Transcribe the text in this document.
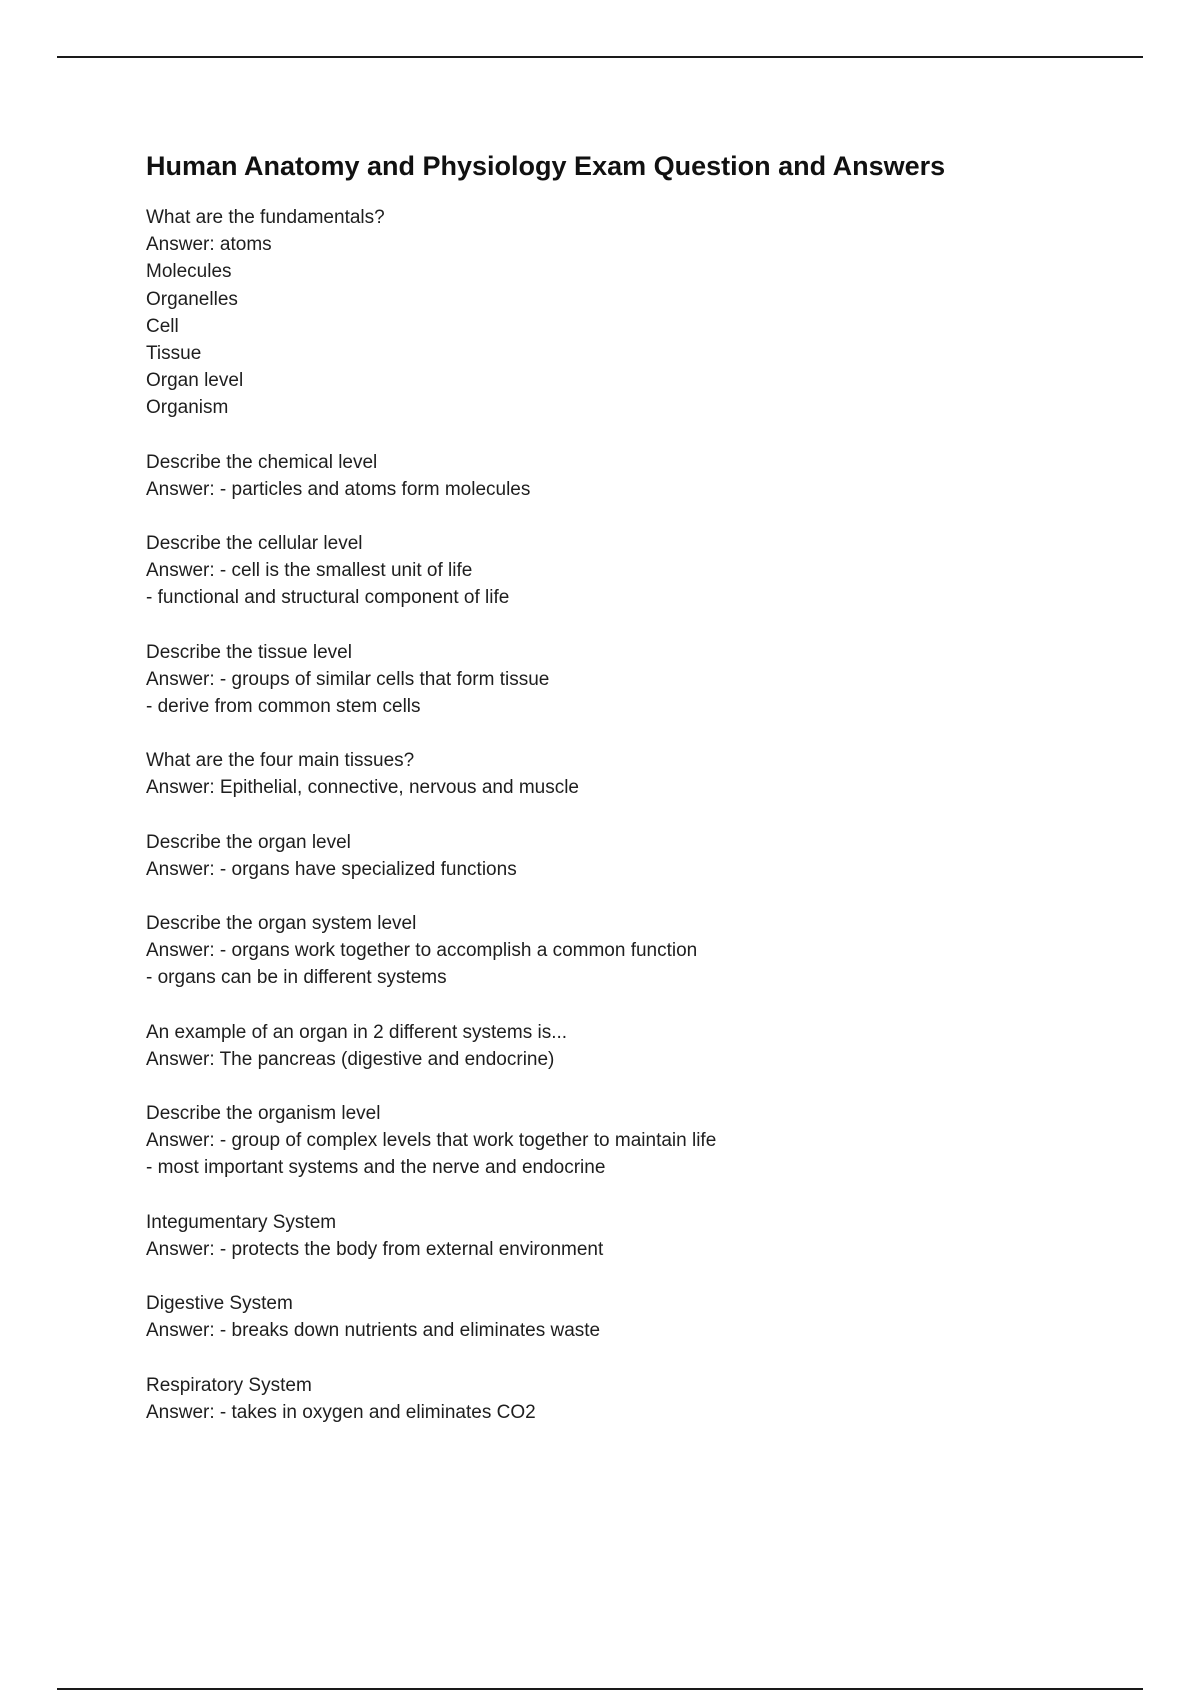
Human Anatomy and Physiology Exam Question and Answers
What are the fundamentals?
Answer: atoms
Molecules
Organelles
Cell
Tissue
Organ level
Organism
Describe the chemical level
Answer: - particles and atoms form molecules
Describe the cellular level
Answer: - cell is the smallest unit of life
- functional and structural component of life
Describe the tissue level
Answer: - groups of similar cells that form tissue
- derive from common stem cells
What are the four main tissues?
Answer: Epithelial, connective, nervous and muscle
Describe the organ level
Answer: - organs have specialized functions
Describe the organ system level
Answer: - organs work together to accomplish a common function
- organs can be in different systems
An example of an organ in 2 different systems is...
Answer: The pancreas (digestive and endocrine)
Describe the organism level
Answer: - group of complex levels that work together to maintain life
- most important systems and the nerve and endocrine
Integumentary System
Answer: - protects the body from external environment
Digestive System
Answer: - breaks down nutrients and eliminates waste
Respiratory System
Answer: - takes in oxygen and eliminates CO2
